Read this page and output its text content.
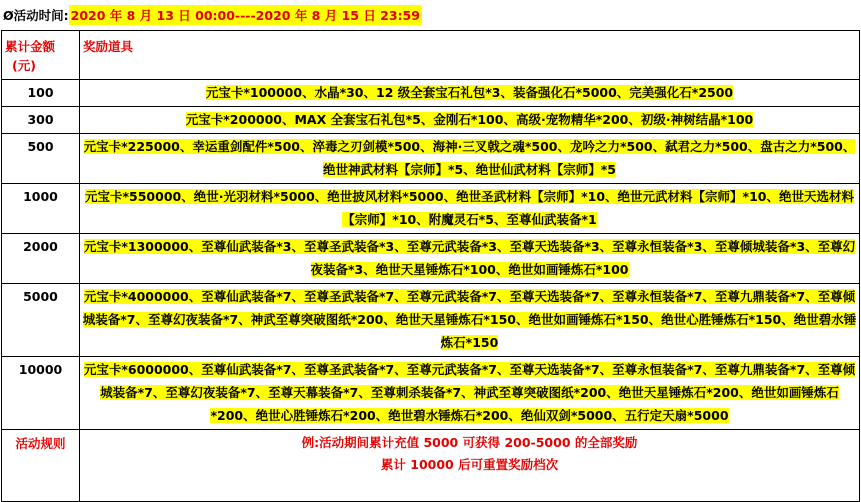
Ø活动时间: 2020 年 8 月 13 日 00:00----2020 年 8 月 15 日 23:59
累计金额
(元)	奖励道具
100	元宝卡*100000、水晶*30、12 级全套宝石礼包*3、装备强化石*5000、完美强化石*2500
300	元宝卡*200000、MAX 全套宝石礼包*5、金刚石*100、高级·宠物精华*200、初级·神树结晶*100
500	元宝卡*225000、幸运重剑配件*500、淬毒之刃剑模*500、海神·三叉戟之魂*500、龙吟之力*500、弑君之力*500、盘古之力*500、绝世神武材料【宗师】*5、绝世仙武材料【宗师】*5
1000	元宝卡*550000、绝世·光羽材料*5000、绝世披风材料*5000、绝世圣武材料【宗师】*10、绝世元武材料【宗师】*10、绝世天选材料【宗师】*10、附魔灵石*5、至尊仙武装备*1
2000	元宝卡*1300000、至尊仙武装备*3、至尊圣武装备*3、至尊元武装备*3、至尊天选装备*3、至尊永恒装备*3、至尊倾城装备*3、至尊幻夜装备*3、绝世天星锤炼石*100、绝世如画锤炼石*100
5000	元宝卡*4000000、至尊仙武装备*7、至尊圣武装备*7、至尊元武装备*7、至尊天选装备*7、至尊永恒装备*7、至尊九鼎装备*7、至尊倾城装备*7、至尊幻夜装备*7、神武至尊突破图纸*200、绝世天星锤炼石*150、绝世如画锤炼石*150、绝世心胜锤炼石*150、绝世碧水锤炼石*150
10000	元宝卡*6000000、至尊仙武装备*7、至尊圣武装备*7、至尊元武装备*7、至尊天选装备*7、至尊永恒装备*7、至尊九鼎装备*7、至尊倾城装备*7、至尊幻夜装备*7、至尊天幕装备*7、至尊刺杀装备*7、神武至尊突破图纸*200、绝世天星锤炼石*200、绝世如画锤炼石*200、绝世心胜锤炼石*200、绝世碧水锤炼石*200、绝仙双剑*5000、五行定天扇*5000
活动规则	例:活动期间累计充值 5000 可获得 200-5000 的全部奖励
累计 10000 后可重置奖励档次
